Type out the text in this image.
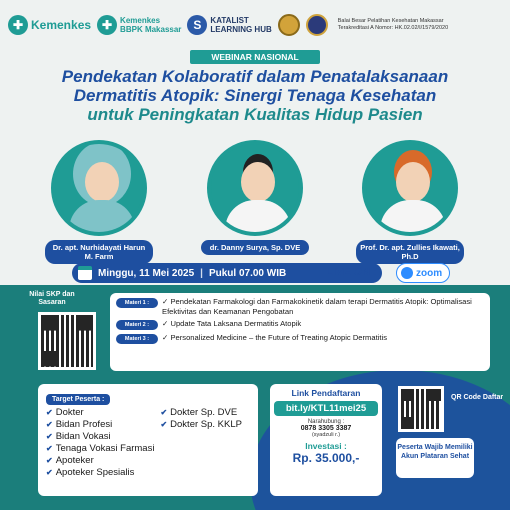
✚ Kemenkes ✚ Kemenkes
BBPK Makassar S	KATALIST
LEARNING HUB
Balai Besar Pelatihan Kesehatan Makassar Terakreditasi A Nomor: HK.02.02/I/1579/2020
WEBINAR NASIONAL
Pendekatan Kolaboratif dalam Penatalaksanaan
Dermatitis Atopik: Sinergi Tenaga Kesehatan
untuk Peningkatan Kualitas Hidup Pasien
Dr. apt. Nurhidayati Harun M. Farm
dr. Danny Surya, Sp. DVE	Prof. Dr. apt. Zullies Ikawati, Ph.D
Minggu, 11 Mei 2025 | Pukul 07.00 WIB	LIVE ON :	zoom
Nilai SKP dan Sasaran	Materi 1 :	✓ Pendekatan Farmakologi dan Farmakokinetik dalam terapi Dermatitis Atopik: Optimalisasi Efektivitas dan Keamanan Pengobatan
Materi 2 :	✓ Update Tata Laksana Dermatitis Atopik
Materi 3 :	✓ Personalized Medicine – the Future of Treating Atopic Dermatitis
Target Peserta :
✔ Dokter
✔ Bidan Profesi
✔ Bidan Vokasi
✔ Tenaga Vokasi Farmasi
✔ Apoteker
✔ Apoteker Spesialis
✔ Dokter Sp. DVE
✔ Dokter Sp. KKLP
Link Pendaftaran
bit.ly/KTL11mei25
Narahubung :
0878 3305 3387
(syadzuli r.)
Investasi :
Rp. 35.000,-
QR Code Daftar
Peserta Wajib Memiliki Akun Plataran Sehat
